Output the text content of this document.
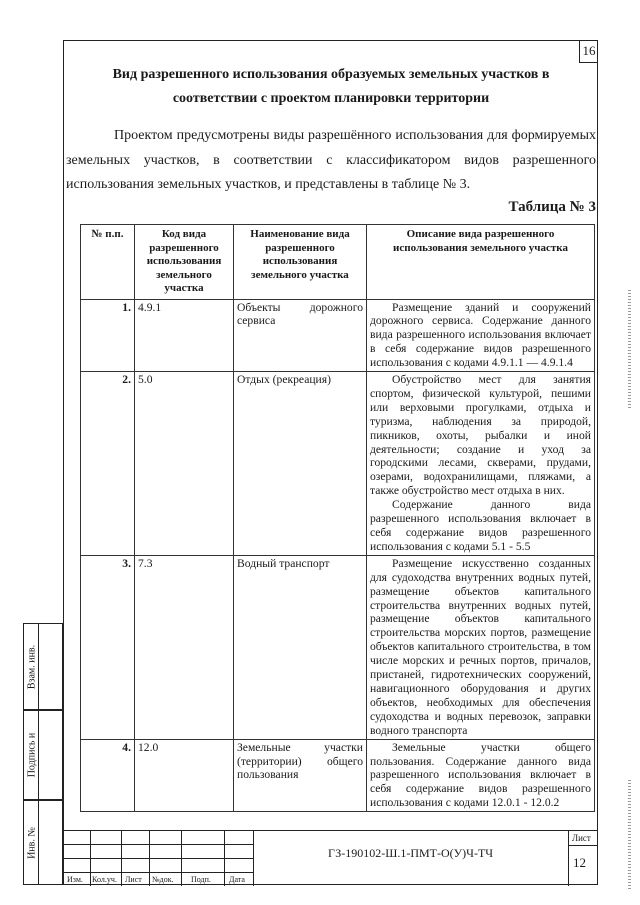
16
Вид разрешенного использования образуемых земельных участков в
соответствии с проектом планировки территории
Проектом предусмотрены виды разрешённого использования для формируемых земельных участков, в соответствии с классификатором видов разрешенного использования земельных участков, и представлены в таблице № 3.
Таблица № 3
№ п.п.	Код вида разрешенного использования земельного участка	Наименование вида разрешенного использования земельного участка	Описание вида разрешенного использования земельного участка
1.	4.9.1	Объекты дорожного сервиса	Размещение зданий и сооружений дорожного сервиса. Содержание данного вида разрешенного использования включает в себя содержание видов разрешенного использования с кодами 4.9.1.1 — 4.9.1.4

2.	5.0	Отдых (рекреация)	Обустройство мест для занятия спортом, физической культурой, пешими или верховыми прогулками, отдыха и туризма, наблюдения за природой, пикников, охоты, рыбалки и иной деятельности; создание и уход за городскими лесами, скверами, прудами, озерами, водохранилищами, пляжами, а также обустройство мест отдыха в них.
Содержание данного вида разрешенного использования включает в себя содержание видов разрешенного использования с кодами 5.1 - 5.5

3.	7.3	Водный транспорт	Размещение искусственно созданных для судоходства внутренних водных путей, размещение объектов капитального строительства внутренних водных путей, размещение объектов капитального строительства морских портов, размещение объектов капитального строительства, в том числе морских и речных портов, причалов, пристаней, гидротехнических сооружений, навигационного оборудования и других объектов, необходимых для обеспечения судоходства и водных перевозок, заправки водного транспорта

4.	12.0	Земельные участки (территории) общего пользования	Земельные участки общего пользования. Содержание данного вида разрешенного использования включает в себя содержание видов разрешенного использования с кодами 12.0.1 - 12.0.2
Взам. инв.
Подпись и
Инв. №
Изм. Кол.уч. Лист №док. Подп. Дата
ГЗ-190102-Ш.1-ПМТ-О(У)Ч-ТЧ
Лист
12
